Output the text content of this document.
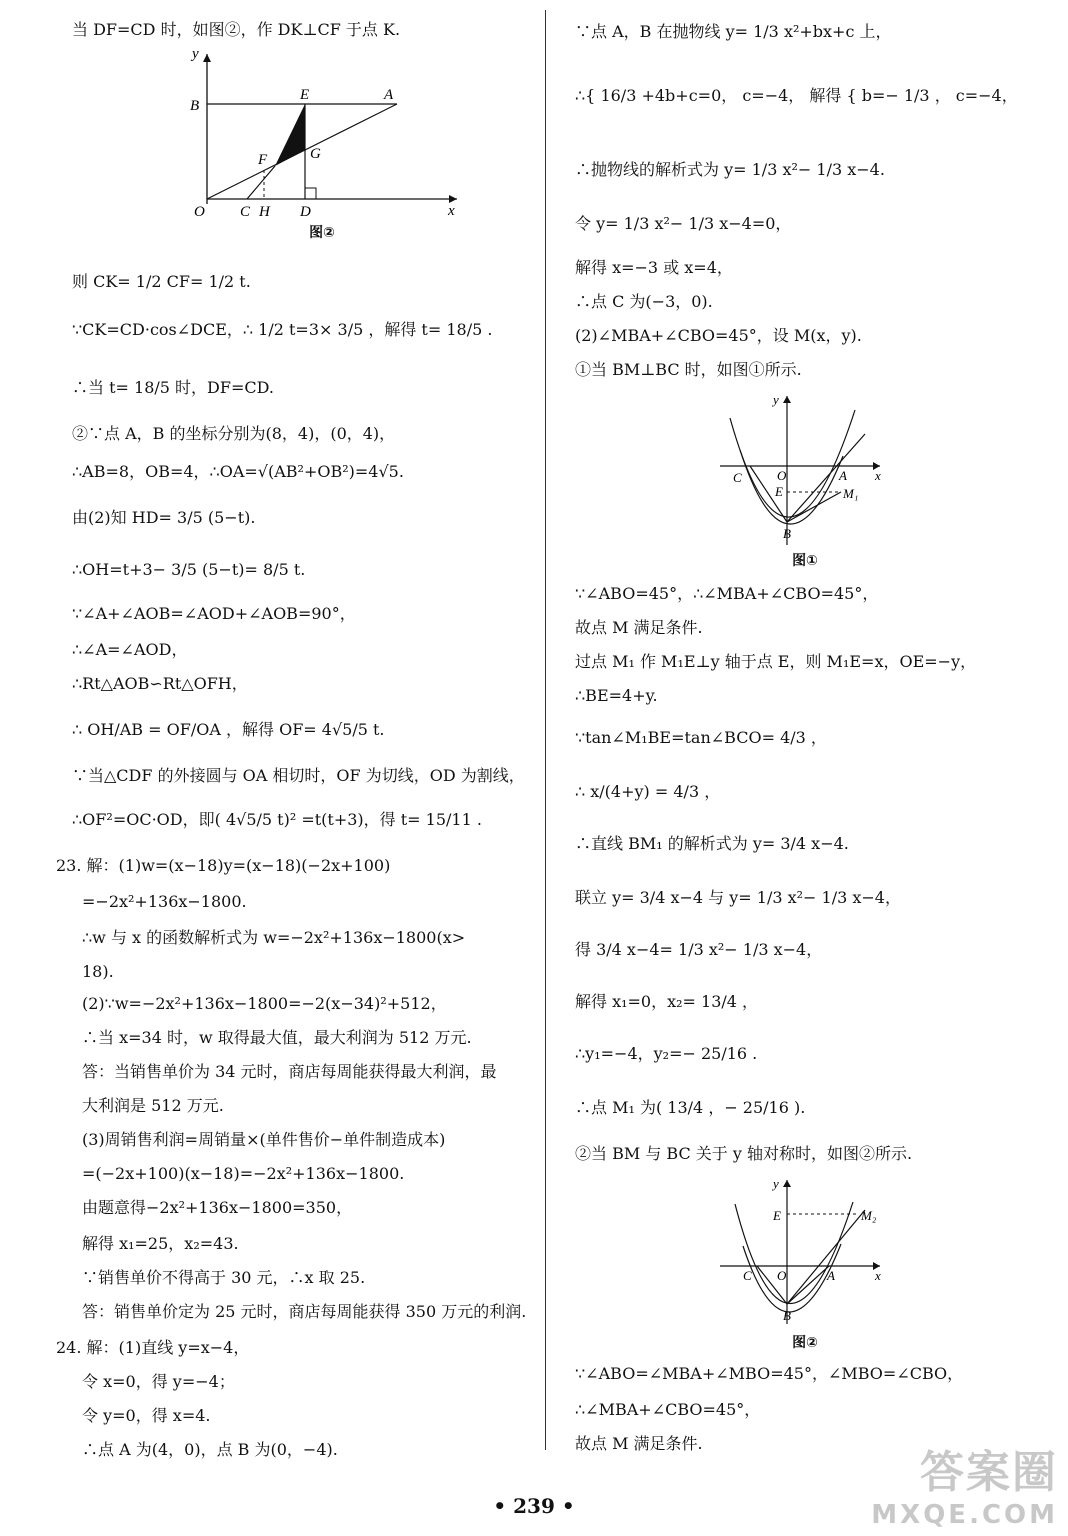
当 DF=CD 时，如图②，作 DK⊥CF 于点 K.
y
B
E	A
F	G
O C H D	x
图②
则 CK= 1/2 CF= 1/2 t.
∵CK=CD·cos∠DCE，∴ 1/2 t=3× 3/5 ，解得 t= 18/5 .
∴当 t= 18/5 时，DF=CD.
②∵点 A，B 的坐标分别为(8，4)，(0，4)，
∴AB=8，OB=4，∴OA=√(AB²+OB²)=4√5.
由(2)知 HD= 3/5 (5−t).
∴OH=t+3− 3/5 (5−t)= 8/5 t.
∵∠A+∠AOB=∠AOD+∠AOB=90°，
∴∠A=∠AOD，
∴Rt△AOB∽Rt△OFH，
∴ OH/AB = OF/OA ，解得 OF= 4√5/5 t.
∵当△CDF 的外接圆与 OA 相切时，OF 为切线，OD 为割线，
∴OF²=OC·OD，即( 4√5/5 t)² =t(t+3)，得 t= 15/11 .
23. 解：(1)w=(x−18)y=(x−18)(−2x+100)
=−2x²+136x−1800.
∴w 与 x 的函数解析式为 w=−2x²+136x−1800(x>
18).
(2)∵w=−2x²+136x−1800=−2(x−34)²+512，
∴当 x=34 时，w 取得最大值，最大利润为 512 万元.
答：当销售单价为 34 元时，商店每周能获得最大利润，最
大利润是 512 万元.
(3)周销售利润=周销量×(单件售价−单件制造成本)
=(−2x+100)(x−18)=−2x²+136x−1800.
由题意得−2x²+136x−1800=350，
解得 x₁=25，x₂=43.
∵销售单价不得高于 30 元，∴x 取 25.
答：销售单价定为 25 元时，商店每周能获得 350 万元的利润.
24. 解：(1)直线 y=x−4，
令 x=0，得 y=−4；
令 y=0，得 x=4.
∴点 A 为(4，0)，点 B 为(0，−4).
∵点 A，B 在抛物线 y= 1/3 x²+bx+c 上，
∴{ 16/3 +4b+c=0， c=−4， 解得 { b=− 1/3 ， c=−4，
∴抛物线的解析式为 y= 1/3 x²− 1/3 x−4.
令 y= 1/3 x²− 1/3 x−4=0，
解得 x=−3 或 x=4，
∴点 C 为(−3，0).
(2)∠MBA+∠CBO=45°，设 M(x，y).
①当 BM⊥BC 时，如图①所示.
y
C	O	A x
E	M₁
B
图①
∵∠ABO=45°，∴∠MBA+∠CBO=45°，
故点 M 满足条件.
过点 M₁ 作 M₁E⊥y 轴于点 E，则 M₁E=x，OE=−y，
∴BE=4+y.
∵tan∠M₁BE=tan∠BCO= 4/3 ，
∴ x/(4+y) = 4/3 ，
∴直线 BM₁ 的解析式为 y= 3/4 x−4.
联立 y= 3/4 x−4 与 y= 1/3 x²− 1/3 x−4，
得 3/4 x−4= 1/3 x²− 1/3 x−4，
解得 x₁=0，x₂= 13/4 ，
∴y₁=−4，y₂=− 25/16 .
∴点 M₁ 为( 13/4 ，− 25/16 ).
②当 BM 与 BC 关于 y 轴对称时，如图②所示.
y
E	M₂
C O	A	x
B
图②
∵∠ABO=∠MBA+∠MBO=45°，∠MBO=∠CBO，
∴∠MBA+∠CBO=45°，
故点 M 满足条件.
• 239 •
答案圈
MXQE.COM
